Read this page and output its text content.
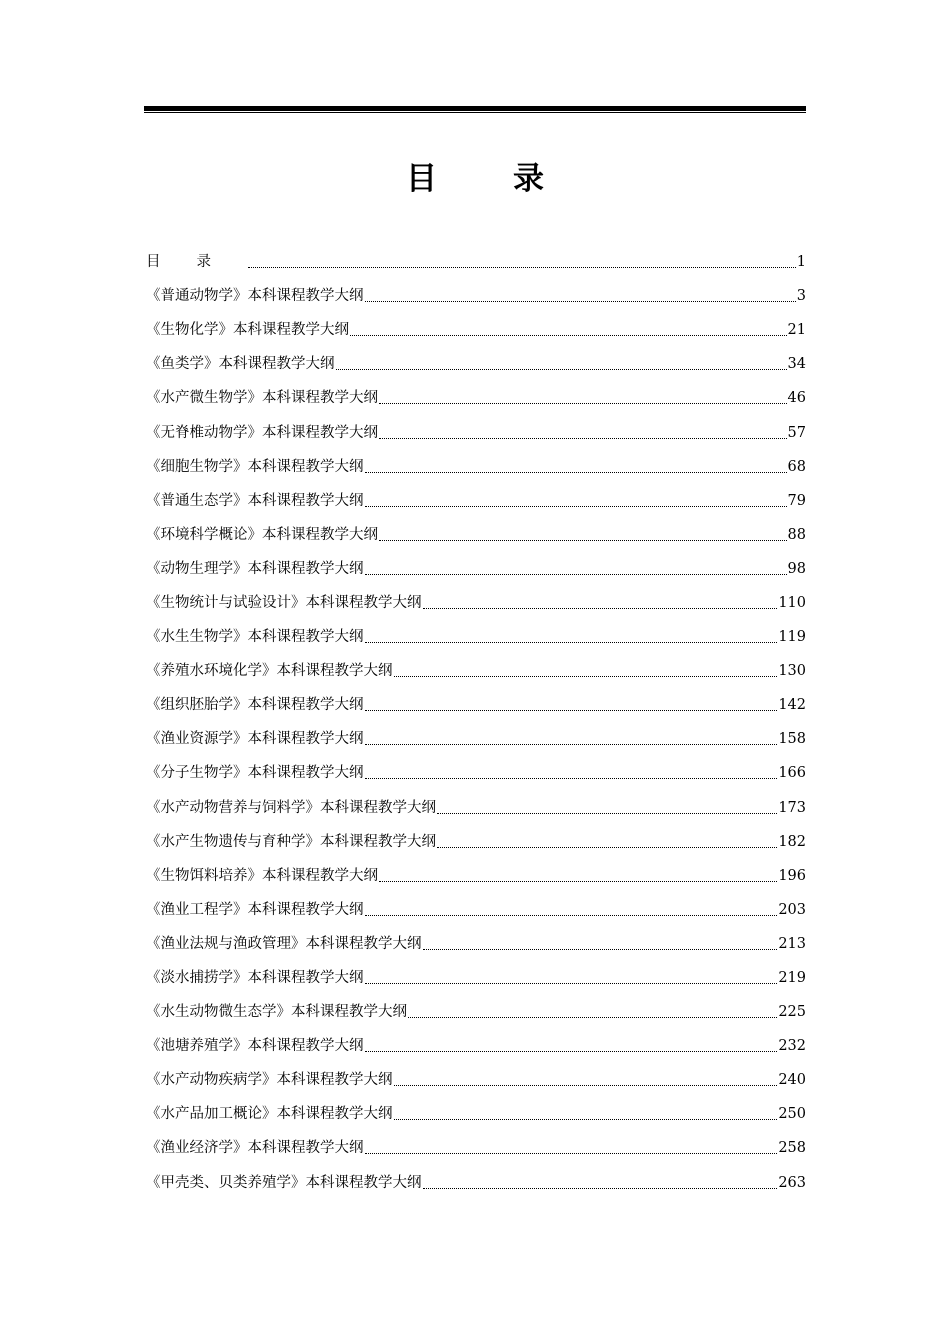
目录
目录	1
《普通动物学》本科课程教学大纲	3
《生物化学》本科课程教学大纲	21
《鱼类学》本科课程教学大纲	34
《水产微生物学》本科课程教学大纲	46
《无脊椎动物学》本科课程教学大纲	57
《细胞生物学》本科课程教学大纲	68
《普通生态学》本科课程教学大纲	79
《环境科学概论》本科课程教学大纲	88
《动物生理学》本科课程教学大纲	98
《生物统计与试验设计》本科课程教学大纲	110
《水生生物学》本科课程教学大纲	119
《养殖水环境化学》本科课程教学大纲	130
《组织胚胎学》本科课程教学大纲	142
《渔业资源学》本科课程教学大纲	158
《分子生物学》本科课程教学大纲	166
《水产动物营养与饲料学》本科课程教学大纲	173
《水产生物遗传与育种学》本科课程教学大纲	182
《生物饵料培养》本科课程教学大纲	196
《渔业工程学》本科课程教学大纲	203
《渔业法规与渔政管理》本科课程教学大纲	213
《淡水捕捞学》本科课程教学大纲	219
《水生动物微生态学》本科课程教学大纲	225
《池塘养殖学》本科课程教学大纲	232
《水产动物疾病学》本科课程教学大纲	240
《水产品加工概论》本科课程教学大纲	250
《渔业经济学》本科课程教学大纲	258
《甲壳类、贝类养殖学》本科课程教学大纲	263
